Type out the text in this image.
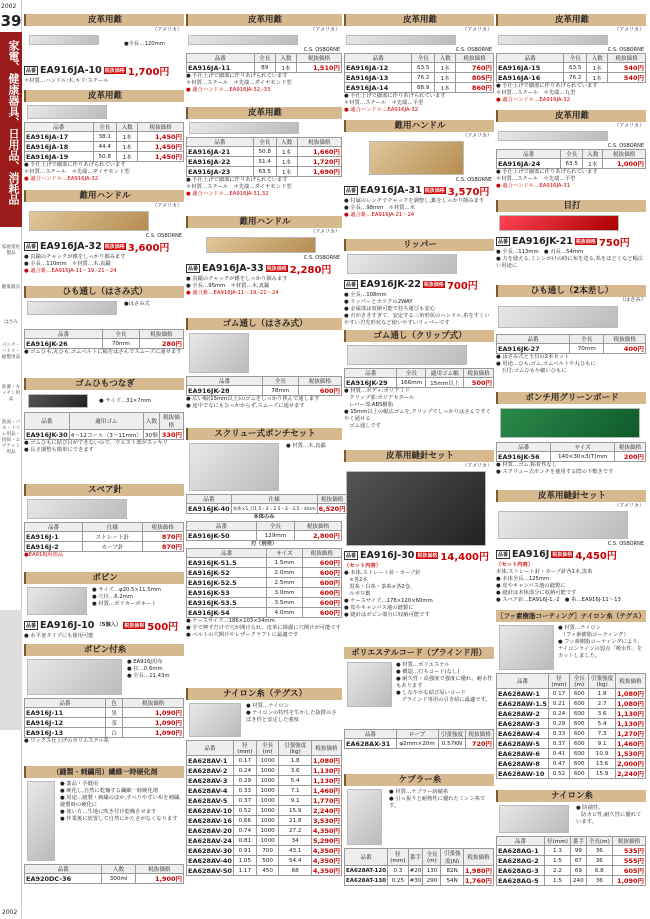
2002
39
家電、健康器具、日用品、消耗品
家庭電化製品
健康器具
はさみ
パンチ・ハトメ・縫製用品
洗濯・キッチン用品
洗面・バス・トイレ用品・清掃・エチケット用品
2002
皮革用錐
（アメリカ）
●全長…120mm
品番 EA916JA-10 税抜価格 1,700円
＊材質…ハンドル:木,キリ:スチール
皮革用錐
品番	全長	入数	税抜価格
EA916JA-17	38.1	1本	1,450円
EA916JA-18	44.4	1本	1,450円
EA916JA-19	50.8	1本	1,450円
● 手仕上げで細部に作りあげられています
＊材質…スチール　＊先端…ダイヤモンド型
● 適合ハンドル…EA916JA-32
錐用ハンドル
（アメリカ）
C.S. OSBORNE
品番 EA916JA-32 税抜価格 3,600円
● 真鍮のチャックが錐をしっかり掴みます
● 全長…110mm　＊材質…木,真鍮
● 適合錐…EA916JA-11～19,-21～24
ひも通し（はさみ式）
●はさみ式
品番	全長	税抜価格
EA916JK-26	70mm	280円
● ゴムひも,丸ひも,ゴムベルトに幅をはさんでスムーズに通せます
ゴムひもつなぎ
● サイズ…31×7mm
品番	適用ゴム	入数	税抜価格
EA916JK-30	4～12コール（3～11mm）	30個	330円
● ゴムひもに結び目ができないので、ウエスト部がスッキリ
● 長さ調整も簡単にできます
スペア針
品番	仕様	税抜価格
EA916J-1	ストレート針	870円
EA916J-2	カーブ針	870円
●EA916J用部品
ボビン
● サイズ…φ20.5×11.5mm
● 穴径…6.2mm
● 材質…ポリカーボネート
品番 EA916J-10 （5個入） 税抜価格 500円
● 水平釜タイプにも使用可能
ボビン付糸
● EA916J用布
● 径…0.6mm
● 全長…11.43m
品番	色	税抜価格
EA916J-11	黒	1,090円
EA916J-12	茶	1,090円
EA916J-13	白	1,090円
● ワックス仕上げのポリエステル糸
（縫製・刺繍用）繊維一時硬化剤
● 薬品・手縫用
● 硬化し,自然に乾燥する繊維一時硬化剤
● 用途…縫製・刺繍のほか,すべりやすい布を刺繍,縫製時の硬化に
● 使い方…生地に吹き付け乾燥させます
● 作業後に放置して自然にかたさがなくなります
品番	入数	税抜価格
EA920DC-36	300ml	1,900円
皮革用錐
（アメリカ）
C.S. OSBORNE
品番	全長	入数	税抜価格
EA916JA-11	89	1本	1,510円
● 手仕上げで細部に作りあげられています
＊材質…スチール　＊先端…ダイヤモンド型
● 適合ハンドル…EA916JA-32,-33
皮革用錐
品番	全長	入数	税抜価格
EA916JA-21	50.8	1本	1,660円
EA916JA-22	51.4	1本	1,720円
EA916JA-23	63.5	1本	1,690円
● 手仕上げで細部に作りあげられています
＊材質…スチール　＊先端…ダイヤモンド型
● 適合ハンドル…EA916JA-31,32
錐用ハンドル
（アメリカ）
C.S. OSBORNE
品番 EA916JA-33 税抜価格 2,280円
● 真鍮のチャックが錐をしっかり掴みます
● 全長…95mm　＊材質…木,真鍮
● 適合錐…EA916JA-11～19,-21～24
ゴム通し（はさみ式）
品番	全長	税抜価格
EA916JK-28	78mm	600円
● 広い幅(15mm以上)のゴムをしっかり挟んで通します
● 途中でなにもひっかからず,スムーズに通せます
スクリュー式ポンチセット
● 材質…木,真鍮
品番	仕様	税抜価格
EA916JK-40	本体×1,刃1.5・2・2.5・3・3.5・4mm	6,520円
本体のみ
品番	全長	税抜価格
EA916JK-50	129mm	2,800円
刃（別売）
品番	サイズ	税抜価格
EA916JK-51.5	1.5mm	600円
EA916JK-52	2.0mm	600円
EA916JK-52.5	2.5mm	600円
EA916JK-53	3.0mm	600円
EA916JK-53.5	3.5mm	600円
EA916JK-54	4.0mm	600円
● ケースサイズ…186×103×34mm
● 手で押すだけで穴が開けられ、皮革に綺麗に穴開けが可能です
● ベルトの穴開けやレザークラフトに最適です
ナイロン糸（テグス）
● 材質…ナイロン
● ナイロンの特性を生かした抜群のさばき性と安定した強度
品番	径(mm)	全長(m)	引張強度(kg)	税抜価格
EA628AV-1	0.17	1000	1.8	1,080円
EA628AV-2	0.24	1000	3.6	1,130円
EA628AV-3	0.29	1000	5.4	1,130円
EA628AV-4	0.33	1000	7.1	1,460円
EA628AV-5	0.37	1000	9.1	1,770円
EA628AV-10	0.52	1000	15.9	2,240円
EA628AV-16	0.66	1000	21.8	3,530円
EA628AV-20	0.74	1000	27.2	4,350円
EA628AV-24	0.81	1000	34	5,290円
EA628AV-30	0.91	700	43.1	4,350円
EA628AV-40	1.05	500	54.4	4,350円
EA628AV-50	1.17	450	68	4,350円
皮革用錐
（アメリカ）
C.S. OSBORNE
品番	全長	入数	税抜価格
EA916JA-12	63.5	1本	760円
EA916JA-13	76.2	1本	805円
EA916JA-14	88.9	1本	860円
● 手仕上げで細部に作りあげられています
＊材質…スチール　＊先端…平型
● 適合ハンドル…EA916JA-32
錐用ハンドル
（アメリカ）
C.S. OSBORNE
品番 EA916JA-31 税抜価格 3,570円
● 付属のレンチでチャックを調整し,錐をしっかり掴みます
● 全長…98mm　＊材質…木
● 適合錐…EA916JA-21～24
リッパー
品番 EA916JK-22 税抜価格 700円
● 全長…108mm
● リッパーとホツクの2WAY
● 金属部は収納可能で持ち運びも安心
● 刃がさきすぎて、安定する三角形状のハンドル,糸をすくいやすい刃先形状など使いやすいリッパーです
ゴム通し（クリップ式）
品番	全長	適用ゴム幅	税抜価格
EA916JK-29	166mm	15mm以上	500円
● 材質…ボディ:ポリアミド
　クリップ部:ポリアセタール
　レバー部:ABS樹脂
● 15mm以上の幅広ゴムを,クリップでしっかりはさんですぐやく通せる
　ゴム通しです
皮革用縫針セット
（アメリカ）
品番 EA916J-30 税抜価格 14,400円
（セット内容）
● 本体,ストレート針・カーブ針
　×各2本
　黒糸・白糸・茶糸×各2巻,
　ルボワ錐
● ケースサイズ…178×120×60mm
● 皮やキャンバス地の縫製に
● 縫針はボビン部分に収納可能です
ポリエステルコード（ブラインド用）
● 材質…ポリエステル
● 構造…打ちコード(なし)
● 耐久性・高強度で強度に優れ、耐水性もあります
● しなやかな結び易いコード
　ブラインド専用の引き紐に最適です。
品番	ロープ	引張強度	税抜価格
EA628AX-31	φ2mm×20m	0.57KN	720円
ケブラー糸
● 材質…ケブラー紡績糸
● 引っ張りと耐熱性に優れたミシン糸です。
品番	径(mm)	番手	全長(m)	引張強度(N)	税抜価格
EA628AT-120	0.3	#20	130	82N	1,980円
EA628AT-130	0.25	#30	290	54N	1,760円
皮革用錐
（アメリカ）
C.S. OSBORNE
品番	全長	入数	税抜価格
EA916JA-15	63.5	1本	540円
EA916JA-16	76.2	1本	540円
● 手仕上げで細部に作りあげられています
＊材質…スチール　＊先端…丸型
● 適合ハンドル…EA916JA-32
皮革用錐
（アメリカ）
C.S. OSBORNE
品番	全長	入数	税抜価格
EA916JA-24	63.5	1本	1,000円
● 手仕上げで細部に作りあげられています
＊材質…スチール　＊先端…平型
● 適合ハンドル…EA916JA-31
目打
品番 EA916JK-21 税抜価格 750円
● 全長…113mm　● 刃長…54mm
● 力を使える,ミシンがけの時に布を送る,糸をほどくなど幅広い用途に
ひも通し（2本差し）
（はさみ）
品番	全長	税抜価格
EA916JK-27	70mm	400円
● はさみ式と玉付の2本セット
● 用途…ひも,ゴム,ゴムベルトや丸ひもに
　玉付:ゴムひもや細いひもに
ポンチ用グリーンボード
品番	サイズ	税抜価格
EA916JK-56	140×30×3(T)mm	200円
● 材質…ゴム,粘着性なし
● スクリュー式ポンチを使用する際の下敷きです
皮革用縫針セット
（アメリカ）
C.S. OSBORNE
品番 EA916J 税抜価格 4,450円
（セット内容）
本体,ストレート針・カーブ針各1本,黒糸
● 本体全長…125mm
● 皮やキャンバス地の縫製に
● 縫針は本体部分に収納可能です
● スペア針…EA916J-1,-2　● 糸…EA916J-11～13
［フッ素樹脂コーティング］ナイロン糸（テグス）
● 材質…ナイロン
　（フッ素樹脂コーティング）
● フッ素樹脂コーティングにより、ナイロンラインの弱点「吸水性」をカットしました。
品番	径(mm)	全長(m)	引張強度(kg)	税抜価格
EA628AW-1	0.17	600	1.8	1,080円
EA628AW-1.5	0.21	600	2.7	1,080円
EA628AW-2	0.24	600	3.6	1,130円
EA628AW-3	0.29	600	5.4	1,130円
EA628AW-4	0.33	600	7.3	1,270円
EA628AW-5	0.37	600	9.1	1,460円
EA628AW-6	0.41	600	10.9	1,530円
EA628AW-8	0.47	600	13.6	2,000円
EA628AW-10	0.52	600	15.9	2,240円
ナイロン糸
● 防錆性,
　防カビ性,耐久性に優れています。
品番	径(mm)	番手	全長(m)	税抜価格
EA628AG-1	1.3	99	36	535円
EA628AG-2	1.5	67	36	555円
EA628AG-3	2.2	69	6.8	605円
EA628AG-5	1.5	240	36	1,090円
